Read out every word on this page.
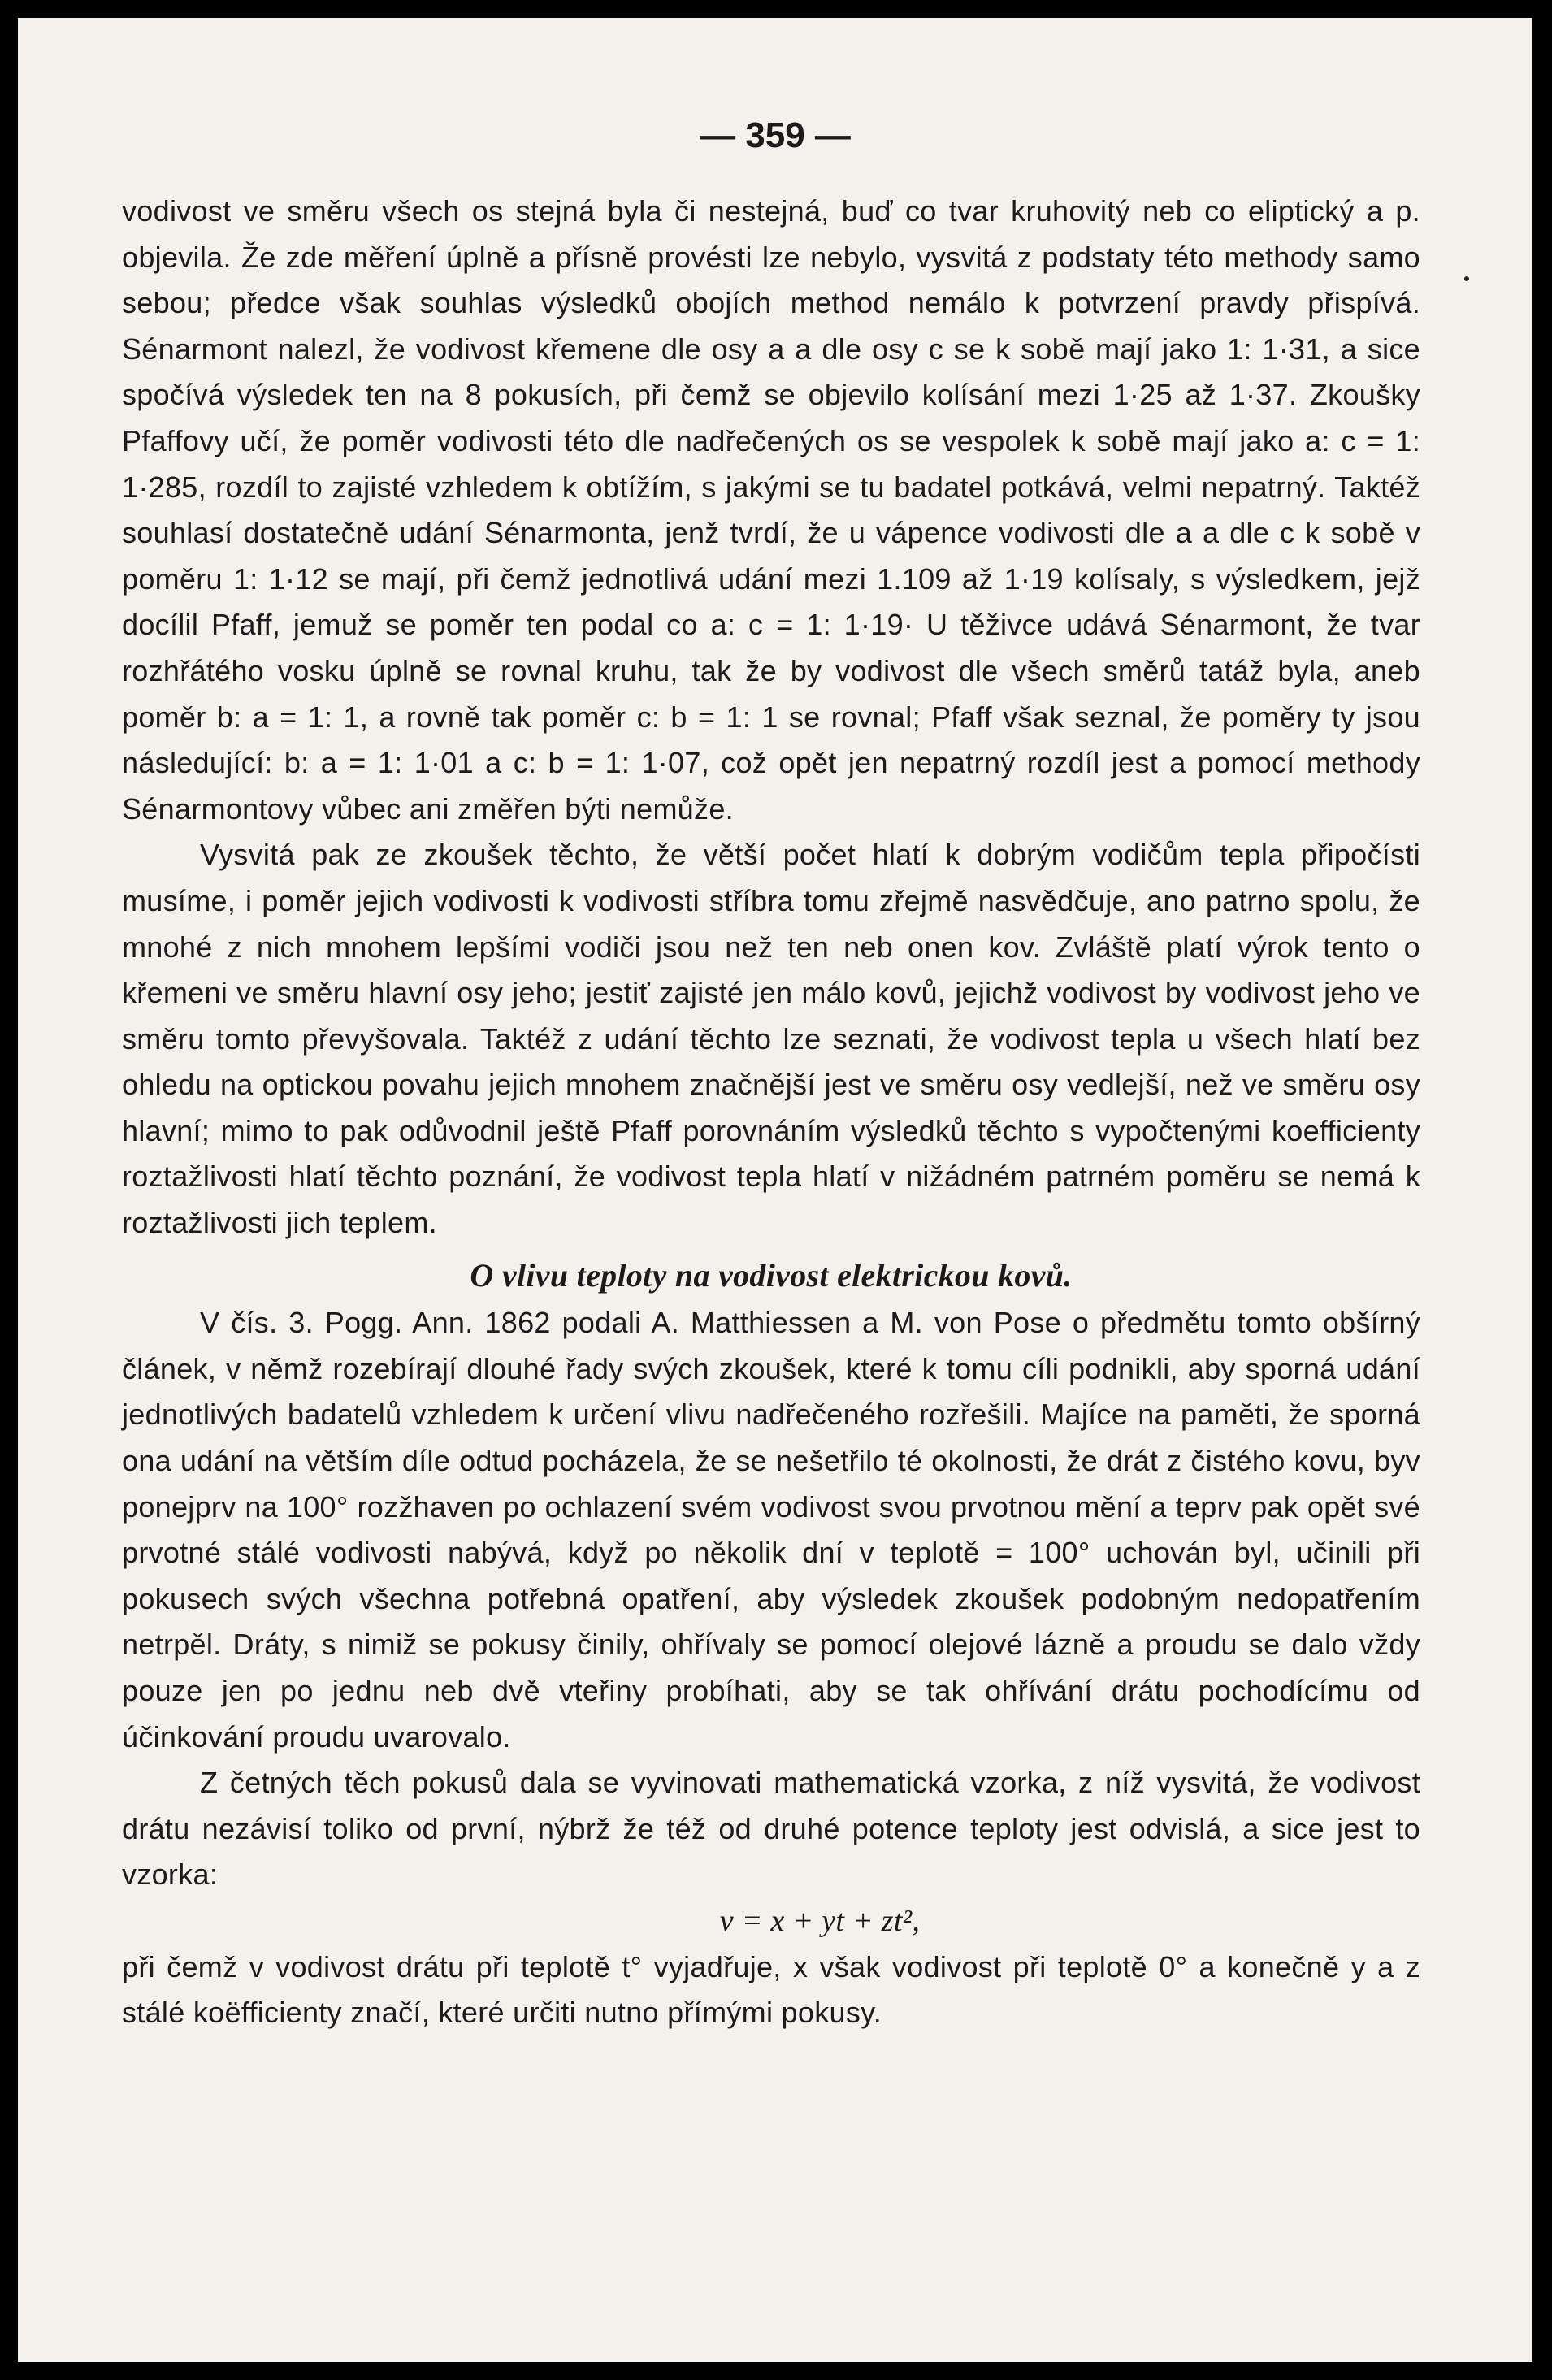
— 359 —

vodivost ve směru všech os stejná byla či nestejná, buď co tvar kruhovitý neb co eliptický a p. objevila. Že zde měření úplně a přísně provésti lze nebylo, vysvitá z podstaty této methody samo sebou; předce však souhlas výsledků obojích method nemálo k potvrzení pravdy přispívá. Sénarmont nalezl, že vodivost křemene dle osy a a dle osy c se k sobě mají jako 1: 1·31, a sice spočívá výsledek ten na 8 pokusích, při čemž se objevilo kolísání mezi 1·25 až 1·37. Zkoušky Pfaffovy učí, že poměr vodivosti této dle nadřečených os se vespolek k sobě mají jako a: c = 1: 1·285, rozdíl to zajisté vzhledem k obtížím, s jakými se tu badatel potkává, velmi nepatrný. Taktéž souhlasí dostatečně udání Sénarmonta, jenž tvrdí, že u vápence vodivosti dle a a dle c k sobě v poměru 1: 1·12 se mají, při čemž jednotlivá udání mezi 1.109 až 1·19 kolísaly, s výsledkem, jejž docílil Pfaff, jemuž se poměr ten podal co a: c = 1: 1·19· U těživce udává Sénarmont, že tvar rozhřátého vosku úplně se rovnal kruhu, tak že by vodivost dle všech směrů tatáž byla, aneb poměr b: a = 1: 1, a rovně tak poměr c: b = 1: 1 se rovnal; Pfaff však seznal, že poměry ty jsou následující: b: a = 1: 1·01 a c: b = 1: 1·07, což opět jen nepatrný rozdíl jest a pomocí methody Sénarmontovy vůbec ani změřen býti nemůže.

Vysvitá pak ze zkoušek těchto, že větší počet hlatí k dobrým vodičům tepla připočísti musíme, i poměr jejich vodivosti k vodivosti stříbra tomu zřejmě nasvědčuje, ano patrno spolu, že mnohé z nich mnohem lepšími vodiči jsou než ten neb onen kov. Zvláště platí výrok tento o křemeni ve směru hlavní osy jeho; jestiť zajisté jen málo kovů, jejichž vodivost by vodivost jeho ve směru tomto převyšovala. Taktéž z udání těchto lze seznati, že vodivost tepla u všech hlatí bez ohledu na optickou povahu jejich mnohem značnější jest ve směru osy vedlejší, než ve směru osy hlavní; mimo to pak odůvodnil ještě Pfaff porovnáním výsledků těchto s vypočtenými koefficienty roztažlivosti hlatí těchto poznání, že vodivost tepla hlatí v nižádném patrném poměru se nemá k roztažlivosti jich teplem.

O vlivu teploty na vodivost elektrickou kovů.

V čís. 3. Pogg. Ann. 1862 podali A. Matthiessen a M. von Pose o předmětu tomto obšírný článek, v němž rozebírají dlouhé řady svých zkoušek, které k tomu cíli podnikli, aby sporná udání jednotlivých badatelů vzhledem k určení vlivu nadřečeného rozřešili. Majíce na paměti, že sporná ona udání na větším díle odtud pocházela, že se nešetřilo té okolnosti, že drát z čistého kovu, byv ponejprv na 100° rozžhaven po ochlazení svém vodivost svou prvotnou mění a teprv pak opět své prvotné stálé vodivosti nabývá, když po několik dní v teplotě = 100° uchován byl, učinili při pokusech svých všechna potřebná opatření, aby výsledek zkoušek podobným nedopatřením netrpěl. Dráty, s nimiž se pokusy činily, ohřívaly se pomocí olejové lázně a proudu se dalo vždy pouze jen po jednu neb dvě vteřiny probíhati, aby se tak ohřívání drátu pochodícímu od účinkování proudu uvarovalo.

Z četných těch pokusů dala se vyvinovati mathematická vzorka, z níž vysvitá, že vodivost drátu nezávisí toliko od první, nýbrž že též od druhé potence teploty jest odvislá, a sice jest to vzorka:

v = x + yt + zt²,

při čemž v vodivost drátu při teplotě t° vyjadřuje, x však vodivost při teplotě 0° a konečně y a z stálé koëfficienty značí, které určiti nutno přímými pokusy.
